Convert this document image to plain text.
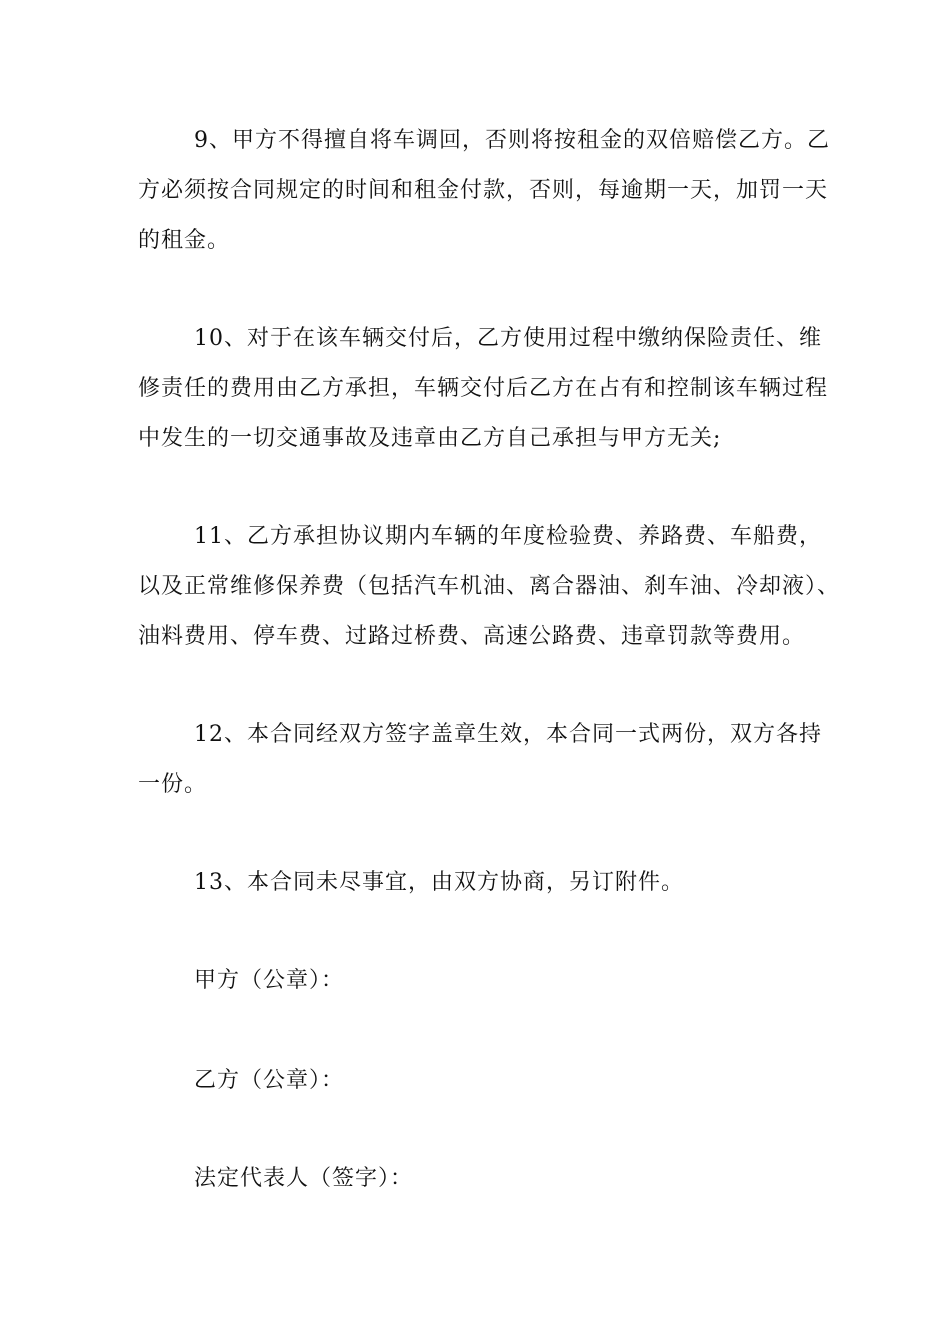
9、甲方不得擅自将车调回，否则将按租金的双倍赔偿乙方。乙
方必须按合同规定的时间和租金付款，否则，每逾期一天，加罚一天
的租金。
10、对于在该车辆交付后，乙方使用过程中缴纳保险责任、维
修责任的费用由乙方承担，车辆交付后乙方在占有和控制该车辆过程
中发生的一切交通事故及违章由乙方自己承担与甲方无关;
11、乙方承担协议期内车辆的年度检验费、养路费、车船费，
以及正常维修保养费（包括汽车机油、离合器油、刹车油、冷却液）、
油料费用、停车费、过路过桥费、高速公路费、违章罚款等费用。
12、本合同经双方签字盖章生效，本合同一式两份，双方各持
一份。
13、本合同未尽事宜，由双方协商，另订附件。
甲方（公章）：
乙方（公章）：
法定代表人（签字）：
